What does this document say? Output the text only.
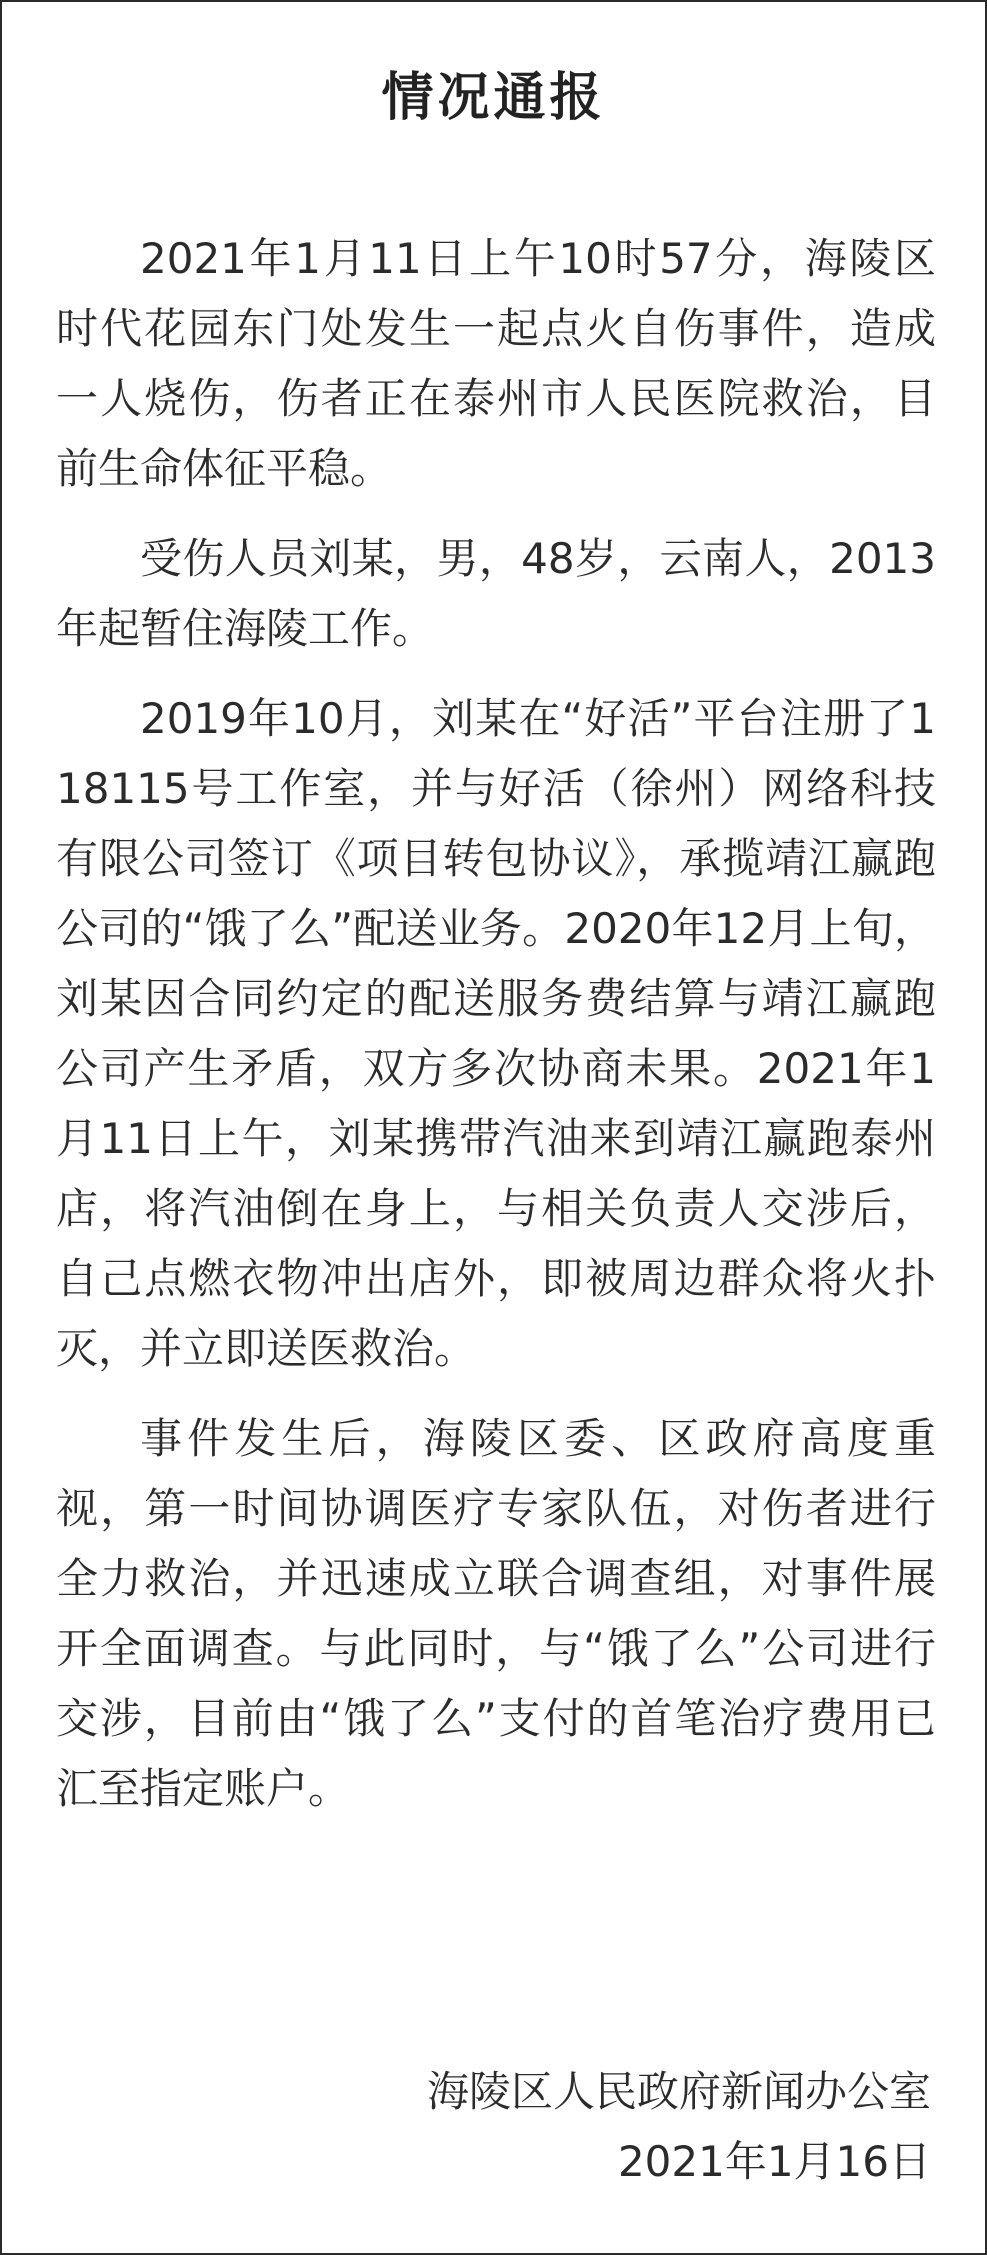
情况通报

2021年1月11日上午10时57分，海陵区时代花园东门处发生一起点火自伤事件，造成一人烧伤，伤者正在泰州市人民医院救治，目前生命体征平稳。

受伤人员刘某，男，48岁，云南人，2013年起暂住海陵工作。

2019年10月，刘某在“好活”平台注册了118115号工作室，并与好活（徐州）网络科技有限公司签订《项目转包协议》，承揽靖江赢跑公司的“饿了么”配送业务。2020年12月上旬，刘某因合同约定的配送服务费结算与靖江赢跑公司产生矛盾，双方多次协商未果。2021年1月11日上午，刘某携带汽油来到靖江赢跑泰州店，将汽油倒在身上，与相关负责人交涉后，自己点燃衣物冲出店外，即被周边群众将火扑灭，并立即送医救治。

事件发生后，海陵区委、区政府高度重视，第一时间协调医疗专家队伍，对伤者进行全力救治，并迅速成立联合调查组，对事件展开全面调查。与此同时，与“饿了么”公司进行交涉，目前由“饿了么”支付的首笔治疗费用已汇至指定账户。

海陵区人民政府新闻办公室
2021年1月16日
